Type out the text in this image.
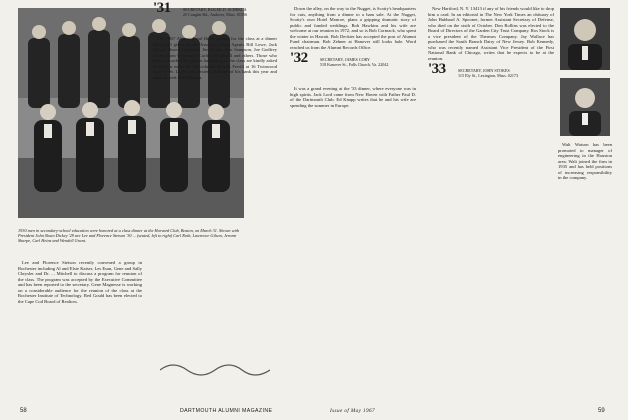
1930 men in secondary-school education were honored at a class dinner at the Harvard Club, Boston, on March 31. Shown with President John Sloan Dickey '29 are Lee and Florence Stetson '30 ... (seated, left to right) Carl Roth, Lawrence Gilson, Jerome Sharpe, Carl Heinz and Wendell Grant.

Lee and Florence Stetson recently convened a group in Rochester including Al and Elsie Kaiser, Les Esan, Gene and Sally Chrysler and Dr. ... Mitchell to discuss a program for reunion of the class. The program was accepted by the Executive Committee and has been reported to the secretary. Gene Magnesse is working on a considerable audience for the reunion of the class at the Rochester Institute of Technology. Red Gould has been elected to the Cape Cod Board of Realtors.

'31	SECRETARY, ROGER D. SCHEKLA
25 Conglin Rd., Andover, Mass. 01556

The 1967 Alumni Fund Drive opened for the class at a dinner March 30 given by the Associate Head Agents Bill Lowe, Jack Dwyer, Bunce Chalmers, Jim Fraser, Ken Sampson, Joe Godfrey (direct from Germany), Carlton Rockwell and others. Those who keep in touch with what is happening in the class are kindly asked to send in news for the column. Brooks Ferrill at 16 Twinwood Lane in St. Louis was elected a Trustee of his bank this year and spent a week in California.

Down the alley, on the way to the Nugget, is Scotty's headquarters for cuts, anything from a dinner to a ham sale. At the Nugget, Scotty's own Hotel Monroe, plans a gripping dramatic story of public and funded weddings. Bob Hawkins and his wife are welcome at our reunion in 1972, and so is Bob Cormack, who spent the winter in Hawaii. Bob Deckter has accepted the post of Alumni Fund chairman. Bob Zehner at Hanover still looks hale. Word reached us from the Alumni Records Office.

'32	SECRETARY, JAMES CORY
518 Kanover St., Falls Church, Va. 22042

It was a grand evening at the '33 dinner, where everyone was in high spirits. Jack Lord came from New Haven with Father Paul D. of the Dartmouth Club. Ed Knapp writes that he and his wife are spending the summer in Europe.

New Hartford, N. Y. 13413 if any of his friends would like to drop him a card. In an editorial in The New York Times an obituary of John Hubbard A. Spooner, former Assistant Secretary of Defense, who died on the sixth of October. Don Rollins was elected to the Board of Directors of the Garden City Trust Company. Ros Stock is a vice president of the Thermos Company. Jay Wallace has purchased the South Branch Dairy of New Jersey. Bob Kennedy, who was recently named Assistant Vice President of the First National Bank of Chicago, writes that he expects to be at the reunion.

'33	SECRETARY, JOHN STOKES
115 Ely St., Lexington, Mass. 02173

Walt Watson has been promoted to manager of engineering in the Houston area. Walt joined the firm in 1935 and has held positions of increasing responsibility in the company.

58	DARTMOUTH ALUMNI MAGAZINE	Issue of May 1967	59
